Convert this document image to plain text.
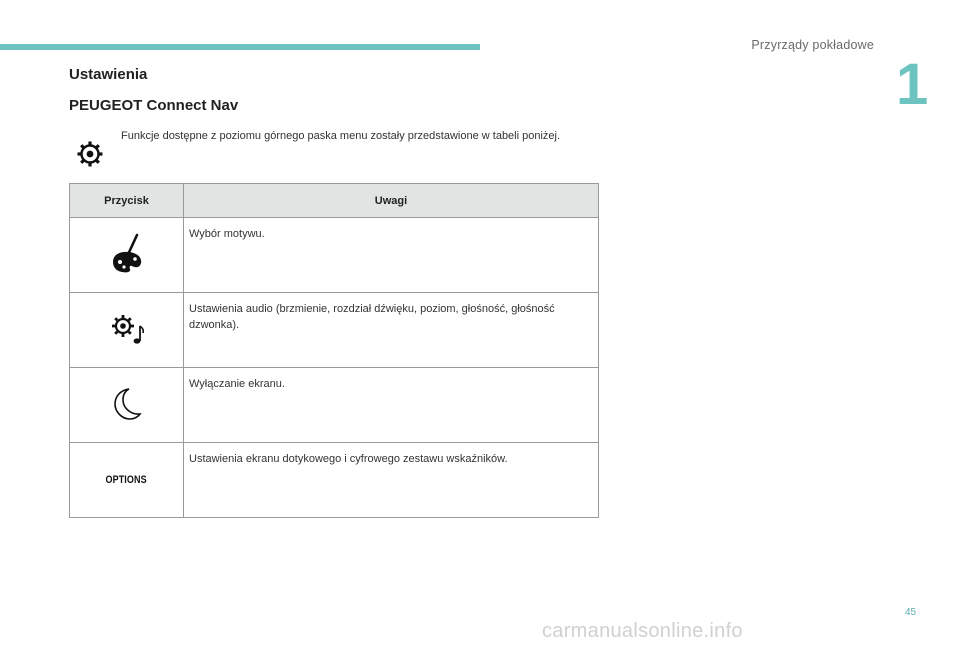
Przyrządy pokładowe
1
Ustawienia
PEUGEOT Connect Nav
Funkcje dostępne z poziomu górnego paska menu zostały przedstawione w tabeli poniżej.
Przycisk	Uwagi
	Wybór motywu.
	Ustawienia audio (brzmienie, rozdział dźwięku, poziom, głośność, głośność dzwonka).
	Wyłączanie ekranu.
OPTIONS	Ustawienia ekranu dotykowego i cyfrowego zestawu wskaźników.
45
carmanualsonline.info
